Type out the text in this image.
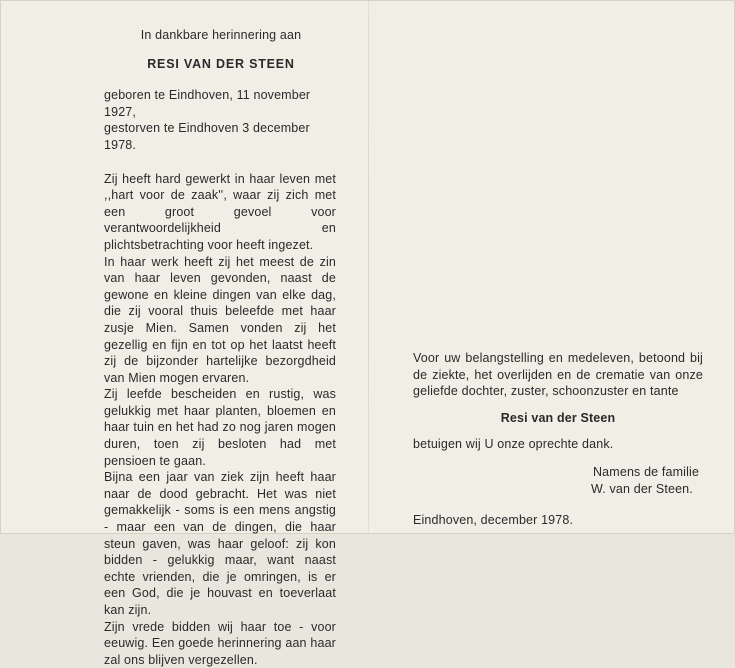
In dankbare herinnering aan
RESI VAN DER STEEN
geboren te Eindhoven, 11 november 1927,
gestorven te Eindhoven 3 december 1978.
Zij heeft hard gewerkt in haar leven met ,,hart voor de zaak'', waar zij zich met een groot gevoel voor verantwoordelijkheid en plichtsbetrachting voor heeft ingezet.
In haar werk heeft zij het meest de zin van haar leven gevonden, naast de gewone en kleine dingen van elke dag, die zij vooral thuis beleefde met haar zusje Mien. Samen vonden zij het gezellig en fijn en tot op het laatst heeft zij de bijzonder hartelijke bezorgdheid van Mien mogen ervaren.
Zij leefde bescheiden en rustig, was gelukkig met haar planten, bloemen en haar tuin en het had zo nog jaren mogen duren, toen zij besloten had met pensioen te gaan.
Bijna een jaar van ziek zijn heeft haar naar de dood gebracht. Het was niet gemakkelijk - soms is een mens angstig - maar een van de dingen, die haar steun gaven, was haar geloof: zij kon bidden - gelukkig maar, want naast echte vrienden, die je omringen, is er een God, die je houvast en toeverlaat kan zijn.
Zijn vrede bidden wij haar toe - voor eeuwig. Een goede herinnering aan haar zal ons blijven vergezellen.
Voor uw belangstelling en medeleven, betoond bij de ziekte, het overlijden en de crematie van onze geliefde dochter, zuster, schoonzuster en tante
Resi van der Steen
betuigen wij U onze oprechte dank.
Namens de familie
W. van der Steen.
Eindhoven, december 1978.
